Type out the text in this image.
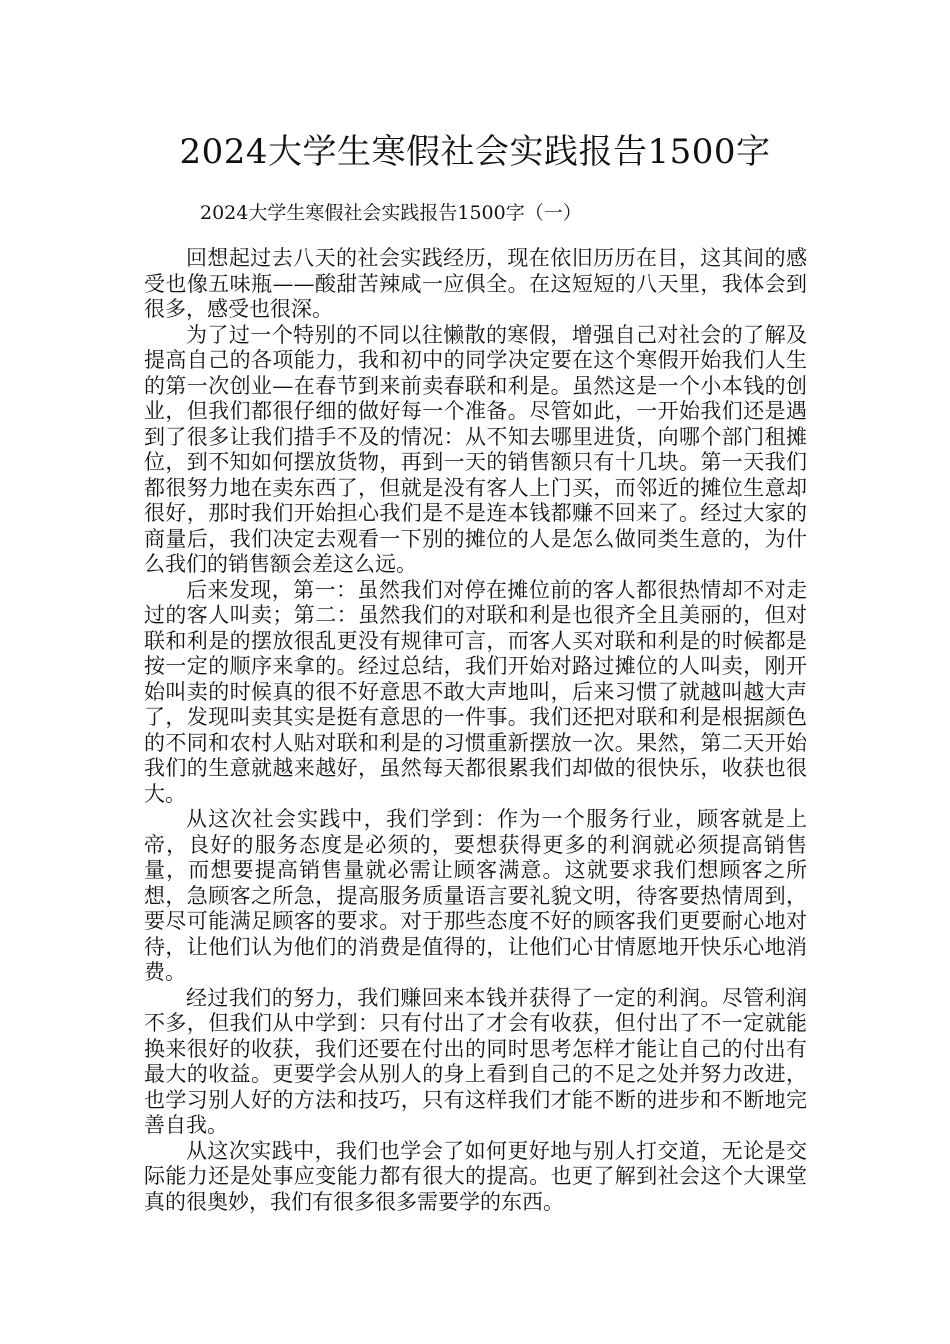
2024大学生寒假社会实践报告1500字
2024大学生寒假社会实践报告1500字（一）

回想起过去八天的社会实践经历，现在依旧历历在目，这其间的感受也像五味瓶——酸甜苦辣咸一应俱全。在这短短的八天里，我体会到很多，感受也很深。

为了过一个特别的不同以往懒散的寒假，增强自己对社会的了解及提高自己的各项能力，我和初中的同学决定要在这个寒假开始我们人生的第一次创业—在春节到来前卖春联和利是。虽然这是一个小本钱的创业，但我们都很仔细的做好每一个准备。尽管如此，一开始我们还是遇到了很多让我们措手不及的情况：从不知去哪里进货，向哪个部门租摊位，到不知如何摆放货物，再到一天的销售额只有十几块。第一天我们都很努力地在卖东西了，但就是没有客人上门买，而邻近的摊位生意却很好，那时我们开始担心我们是不是连本钱都赚不回来了。经过大家的商量后，我们决定去观看一下别的摊位的人是怎么做同类生意的，为什么我们的销售额会差这么远。

后来发现，第一：虽然我们对停在摊位前的客人都很热情却不对走过的客人叫卖；第二：虽然我们的对联和利是也很齐全且美丽的，但对联和利是的摆放很乱更没有规律可言，而客人买对联和利是的时候都是按一定的顺序来拿的。经过总结，我们开始对路过摊位的人叫卖，刚开始叫卖的时候真的很不好意思不敢大声地叫，后来习惯了就越叫越大声了，发现叫卖其实是挺有意思的一件事。我们还把对联和利是根据颜色的不同和农村人贴对联和利是的习惯重新摆放一次。果然，第二天开始我们的生意就越来越好，虽然每天都很累我们却做的很快乐，收获也很大。

从这次社会实践中，我们学到：作为一个服务行业，顾客就是上帝，良好的服务态度是必须的，要想获得更多的利润就必须提高销售量，而想要提高销售量就必需让顾客满意。这就要求我们想顾客之所想，急顾客之所急，提高服务质量语言要礼貌文明，待客要热情周到，要尽可能满足顾客的要求。对于那些态度不好的顾客我们更要耐心地对待，让他们认为他们的消费是值得的，让他们心甘情愿地开快乐心地消费。

经过我们的努力，我们赚回来本钱并获得了一定的利润。尽管利润不多，但我们从中学到：只有付出了才会有收获，但付出了不一定就能换来很好的收获，我们还要在付出的同时思考怎样才能让自己的付出有最大的收益。更要学会从别人的身上看到自己的不足之处并努力改进，也学习别人好的方法和技巧，只有这样我们才能不断的进步和不断地完善自我。

从这次实践中，我们也学会了如何更好地与别人打交道，无论是交际能力还是处事应变能力都有很大的提高。也更了解到社会这个大课堂真的很奥妙，我们有很多很多需要学的东西。
